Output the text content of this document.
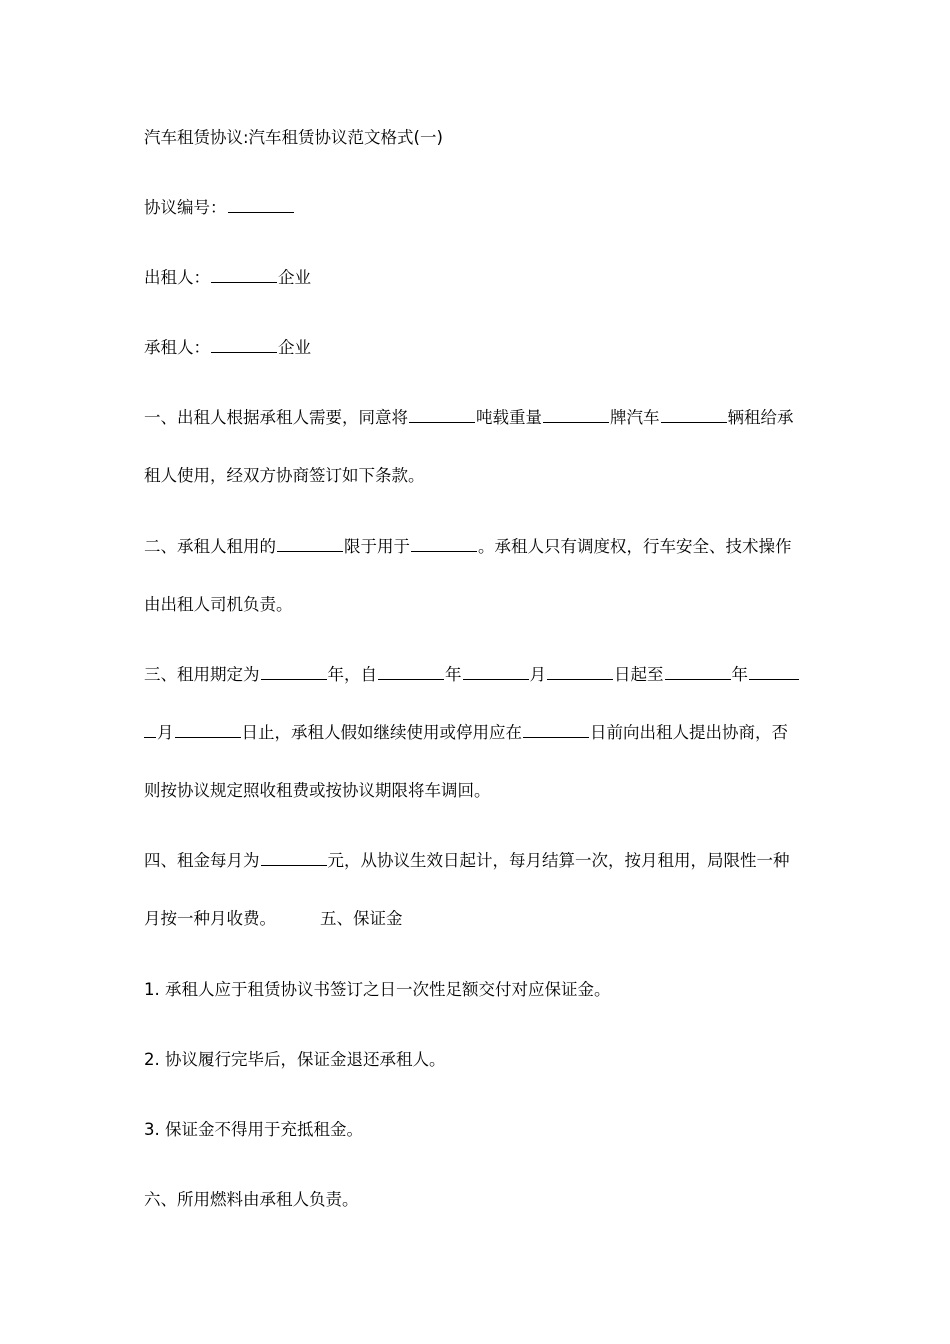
汽车租赁协议:汽车租赁协议范文格式(一)
协议编号：
出租人：	企业
承租人：	企业
一、出租人根据承租人需要，同意将	吨载重量	牌汽车	辆租给承
租人使用，经双方协商签订如下条款。
二、承租人租用的	限于用于	。承租人只有调度权，行车安全、技术操作
由出租人司机负责。
三、租用期定为	年，自	年	月	日起至	年
月	日止，承租人假如继续使用或停用应在	日前向出租人提出协商，否
则按协议规定照收租费或按协议期限将车调回。
四、租金每月为	元，从协议生效日起计，每月结算一次，按月租用，局限性一种
月按一种月收费。	五、保证金
1. 承租人应于租赁协议书签订之日一次性足额交付对应保证金。
2. 协议履行完毕后，保证金退还承租人。
3. 保证金不得用于充抵租金。
六、所用燃料由承租人负责。
